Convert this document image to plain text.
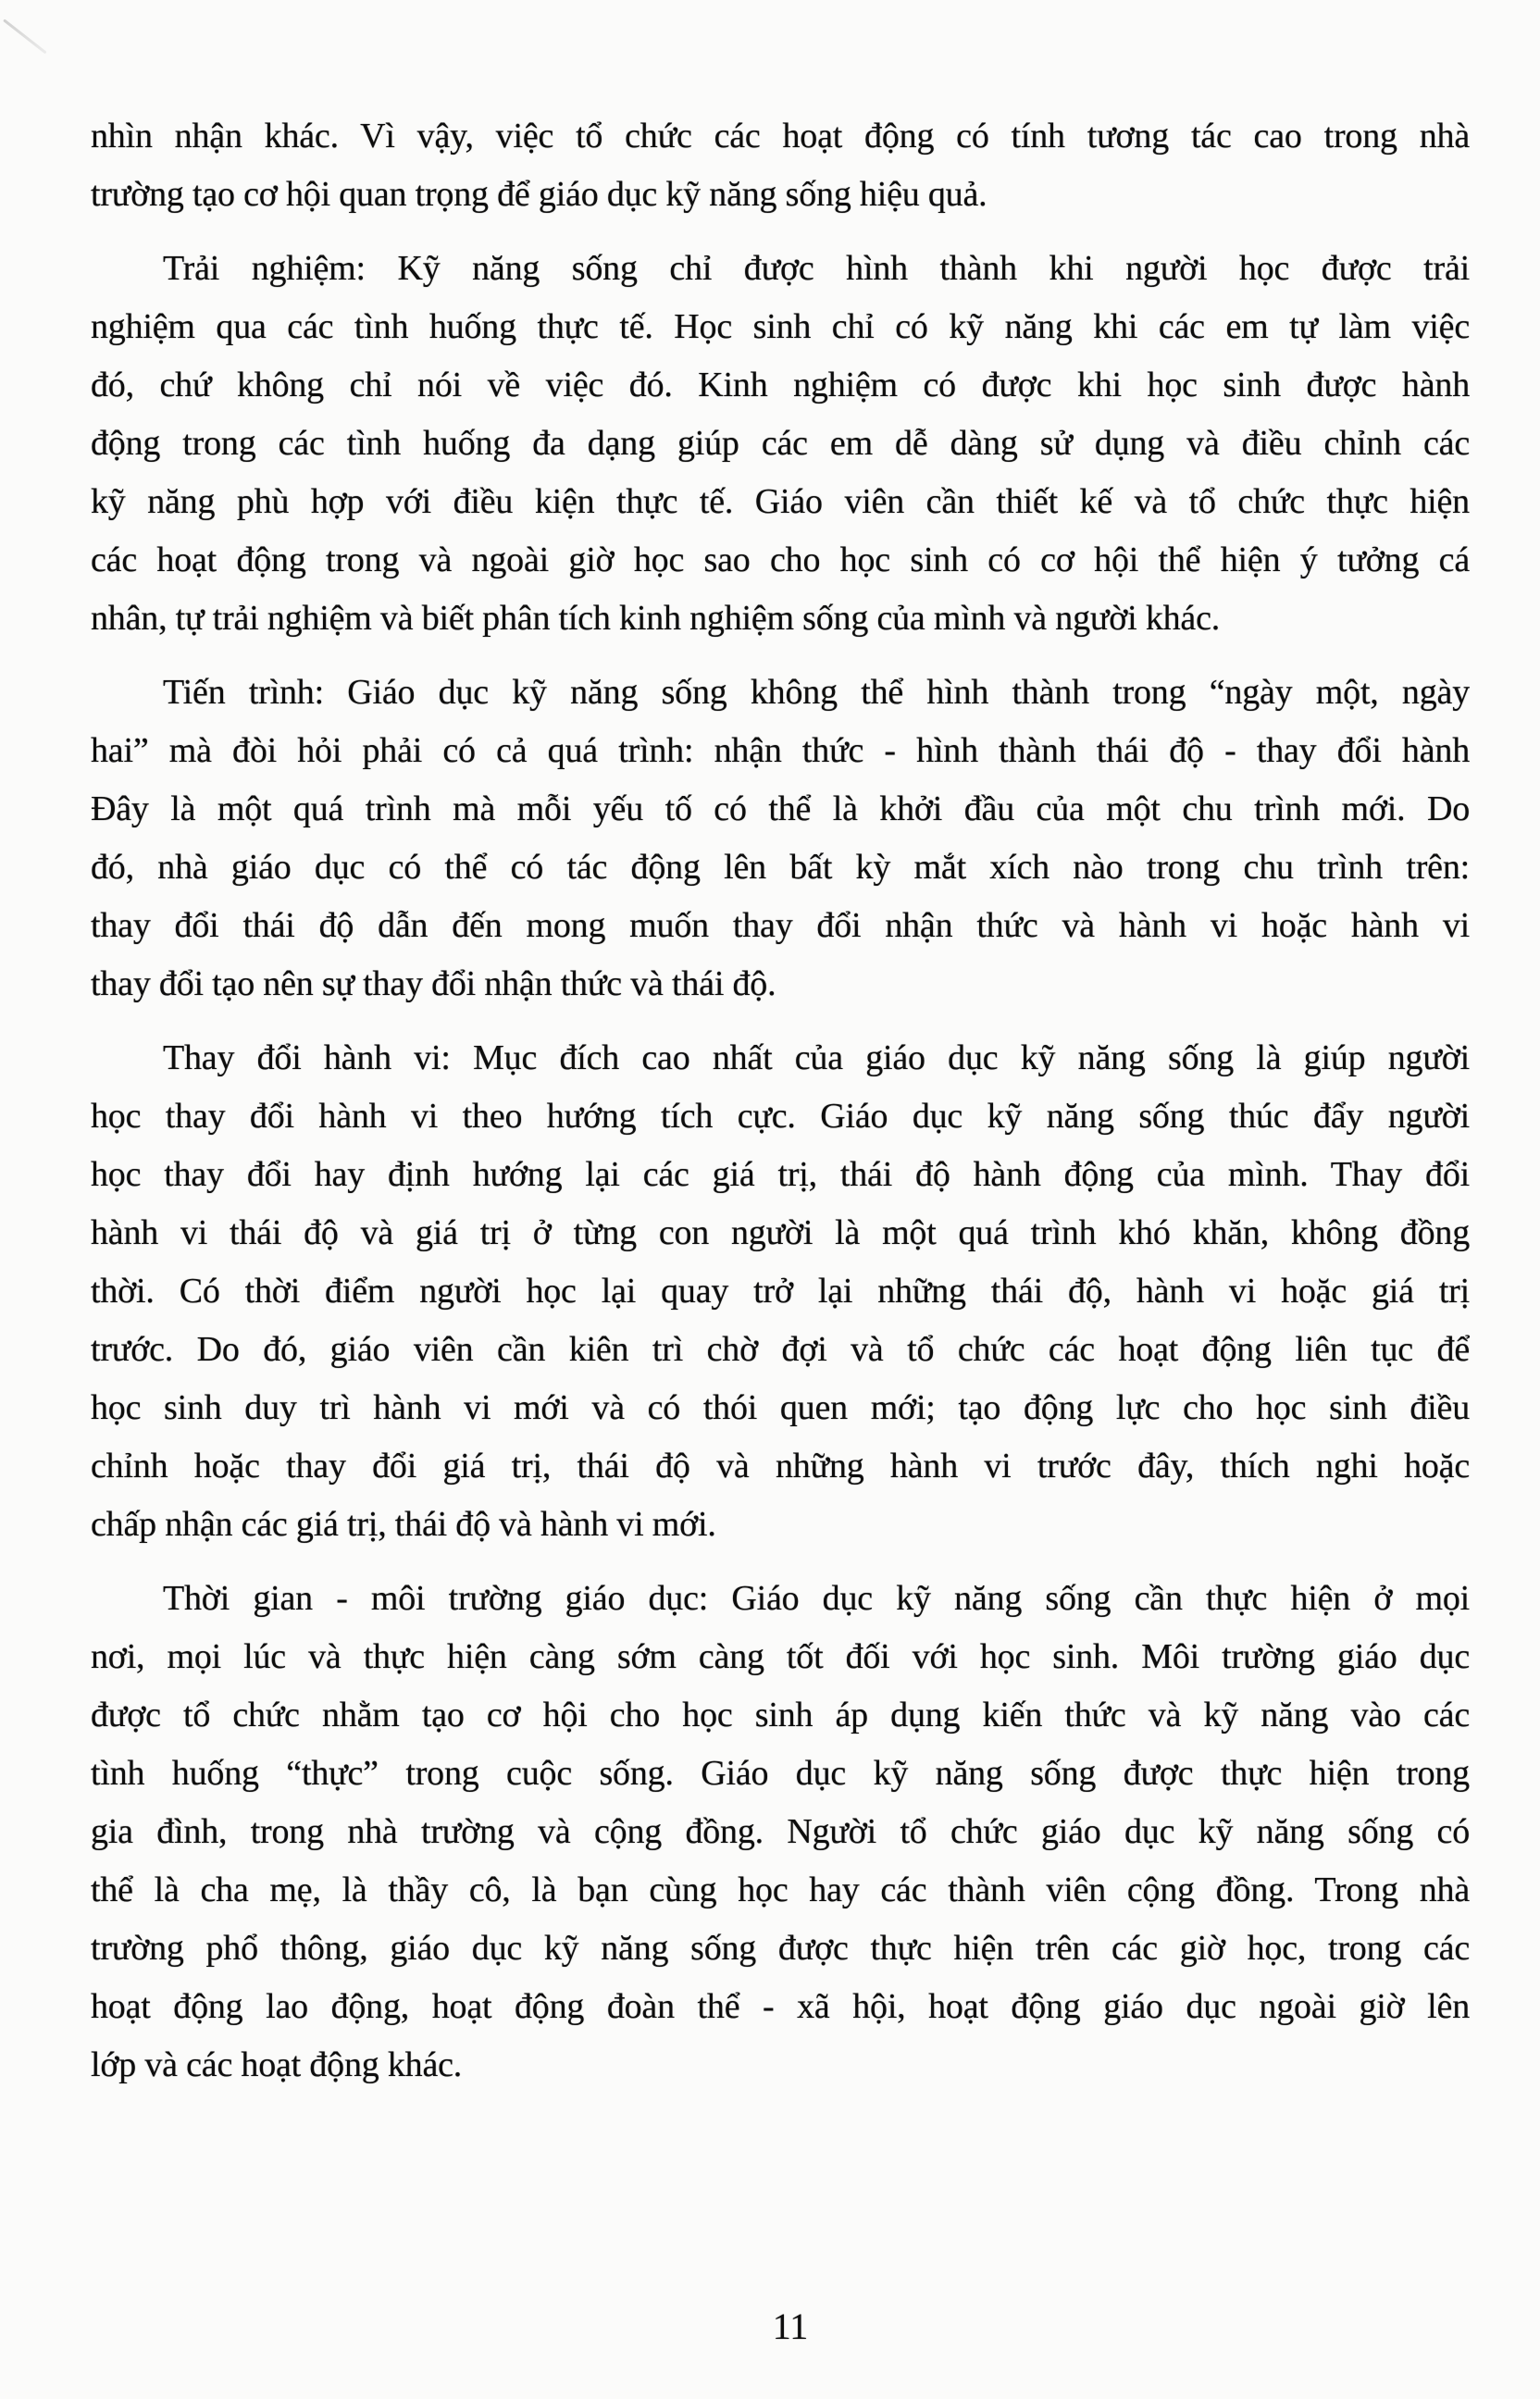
nhìn nhận khác. Vì vậy, việc tổ chức các hoạt động có tính tương tác cao trong nhà
trường tạo cơ hội quan trọng để giáo dục kỹ năng sống hiệu quả.

Trải nghiệm: Kỹ năng sống chỉ được hình thành khi người học được trải
nghiệm qua các tình huống thực tế. Học sinh chỉ có kỹ năng khi các em tự làm việc
đó, chứ không chỉ nói về việc đó. Kinh nghiệm có được khi học sinh được hành
động trong các tình huống đa dạng giúp các em dễ dàng sử dụng và điều chỉnh các
kỹ năng phù hợp với điều kiện thực tế. Giáo viên cần thiết kế và tổ chức thực hiện
các hoạt động trong và ngoài giờ học sao cho học sinh có cơ hội thể hiện ý tưởng cá
nhân, tự trải nghiệm và biết phân tích kinh nghiệm sống của mình và người khác.

Tiến trình: Giáo dục kỹ năng sống không thể hình thành trong “ngày một, ngày
hai” mà đòi hỏi phải có cả quá trình: nhận thức - hình thành thái độ - thay đổi hành
Đây là một quá trình mà mỗi yếu tố có thể là khởi đầu của một chu trình mới. Do
đó, nhà giáo dục có thể có tác động lên bất kỳ mắt xích nào trong chu trình trên:
thay đổi thái độ dẫn đến mong muốn thay đổi nhận thức và hành vi hoặc hành vi
thay đổi tạo nên sự thay đổi nhận thức và thái độ.

Thay đổi hành vi: Mục đích cao nhất của giáo dục kỹ năng sống là giúp người
học thay đổi hành vi theo hướng tích cực. Giáo dục kỹ năng sống thúc đẩy người
học thay đổi hay định hướng lại các giá trị, thái độ hành động của mình. Thay đổi
hành vi thái độ và giá trị ở từng con người là một quá trình khó khăn, không đồng
thời. Có thời điểm người học lại quay trở lại những thái độ, hành vi hoặc giá trị
trước. Do đó, giáo viên cần kiên trì chờ đợi và tổ chức các hoạt động liên tục để
học sinh duy trì hành vi mới và có thói quen mới; tạo động lực cho học sinh điều
chỉnh hoặc thay đổi giá trị, thái độ và những hành vi trước đây, thích nghi hoặc
chấp nhận các giá trị, thái độ và hành vi mới.

Thời gian - môi trường giáo dục: Giáo dục kỹ năng sống cần thực hiện ở mọi
nơi, mọi lúc và thực hiện càng sớm càng tốt đối với học sinh. Môi trường giáo dục
được tổ chức nhằm tạo cơ hội cho học sinh áp dụng kiến thức và kỹ năng vào các
tình huống “thực” trong cuộc sống. Giáo dục kỹ năng sống được thực hiện trong
gia đình, trong nhà trường và cộng đồng. Người tổ chức giáo dục kỹ năng sống có
thể là cha mẹ, là thầy cô, là bạn cùng học hay các thành viên cộng đồng. Trong nhà
trường phổ thông, giáo dục kỹ năng sống được thực hiện trên các giờ học, trong các
hoạt động lao động, hoạt động đoàn thể - xã hội, hoạt động giáo dục ngoài giờ lên
lớp và các hoạt động khác.

11
